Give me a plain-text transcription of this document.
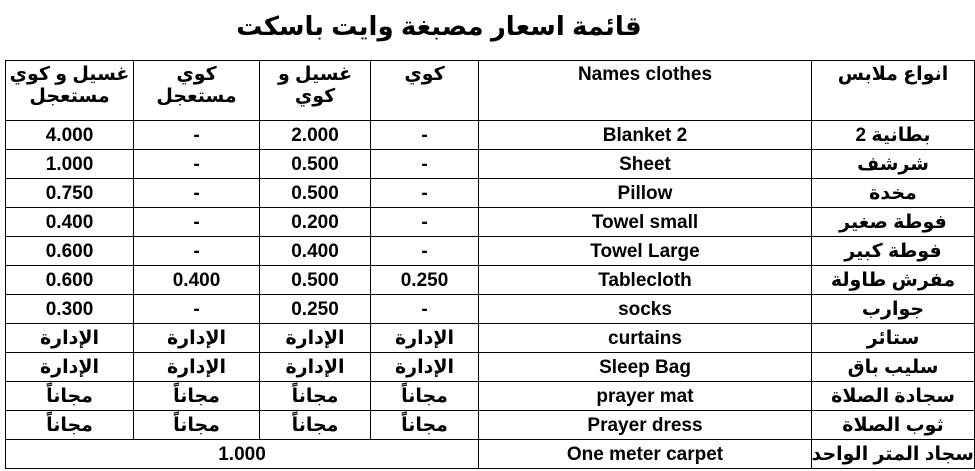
قائمة اسعار مصبغة وايت باسكت
غسيل و كوي مستعجل	كوي مستعجل	غسيل و كوي	كوي	Names clothes	انواع ملابس
4.000	-	2.000	-	Blanket 2	بطانية 2
1.000	-	0.500	-	Sheet	شرشف
0.750	-	0.500	-	Pillow	مخدة
0.400	-	0.200	-	Towel small	فوطة صغير
0.600	-	0.400	-	Towel Large	فوطة كبير
0.600	0.400	0.500	0.250	Tablecloth	مفرش طاولة
0.300	-	0.250	-	socks	جوارب
الإدارة	الإدارة	الإدارة	الإدارة	curtains	ستائر
الإدارة	الإدارة	الإدارة	الإدارة	Sleep Bag	سليب باق
مجاناً	مجاناً	مجاناً	مجاناً	prayer mat	سجادة الصلاة
مجاناً	مجاناً	مجاناً	مجاناً	Prayer dress	ثوب الصلاة
1.000				One meter carpet	سجاد المتر الواحد
